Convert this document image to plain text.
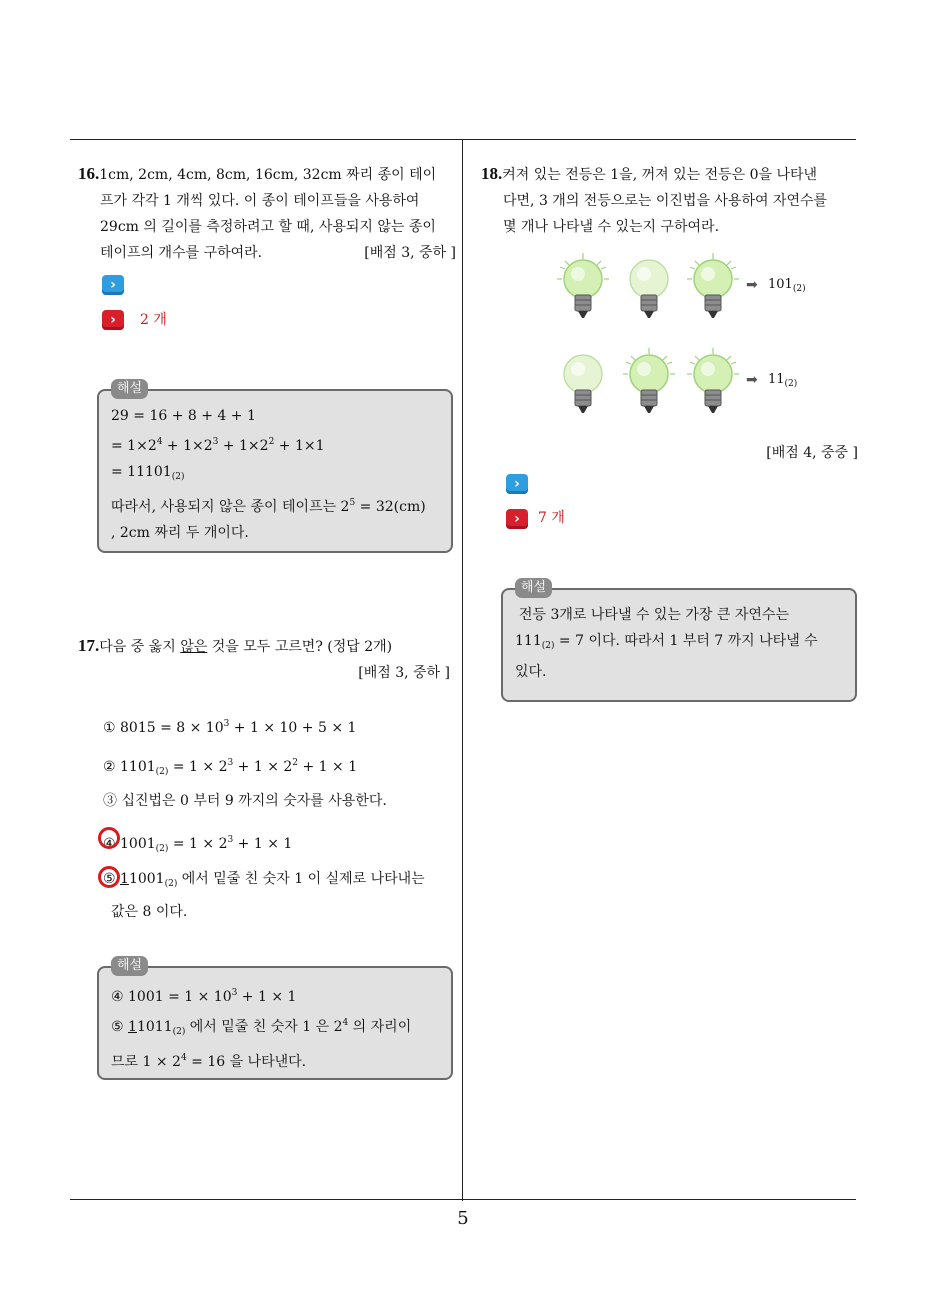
16.1cm, 2cm, 4cm, 8cm, 16cm, 32cm 짜리 종이 테이
프가 각각 1 개씩 있다. 이 종이 테이프들을 사용하여
29cm 의 길이를 측정하려고 할 때, 사용되지 않는 종이
테이프의 개수를 구하여라.	[배점 3, 중하 ]
›
›	2 개
29 = 16 + 8 + 4 + 1
= $1\times 2^4 + 1\times 2^3 + 1\times 2^2 + 1\times 1$
= $11101_{(2)}$
따라서, 사용되지 않은 종이 테이프는 $2^5 = 32(cm)$
, 2cm 짜리 두 개이다.
해설
17.다음 중 옳지 않은 것을 모두 고르면? (정답 2개)
[배점 3, 중하 ]
① $8015 = 8 \times 10^3 + 1 \times 10 + 5 \times 1$
② $1101_{(2)} = 1 \times 2^3 + 1 \times 2^2 + 1 \times 1$
③ 십진법은 0 부터 9 까지의 숫자를 사용한다.
④ $1001_{(2)} = 1 \times 2^3 + 1 \times 1$
⑤ $11001_{(2)}$ 에서 밑줄 친 숫자 1 이 실제로 나타내는
값은 8 이다.
④ $1001 = 1 \times 10^3 + 1 \times 1$
⑤ $11011_{(2)}$ 에서 밑줄 친 숫자 1 은 $2^4$ 의 자리이
므로 $1 \times 2^4 = 16$ 을 나타낸다.
해설
18.켜져 있는 전등은 1을, 꺼져 있는 전등은 0을 나타낸
다면, 3 개의 전등으로는 이진법을 사용하여 자연수를
몇 개나 나타낼 수 있는지 구하여라.
➡ $101_{(2)}$
➡ $11_{(2)}$
[배점 4, 중중 ]
›
›	7 개
전등 3개로 나타낼 수 있는 가장 큰 자연수는
$111_{(2)} = 7$ 이다. 따라서 1 부터 7 까지 나타낼 수
있다.
해설
5
